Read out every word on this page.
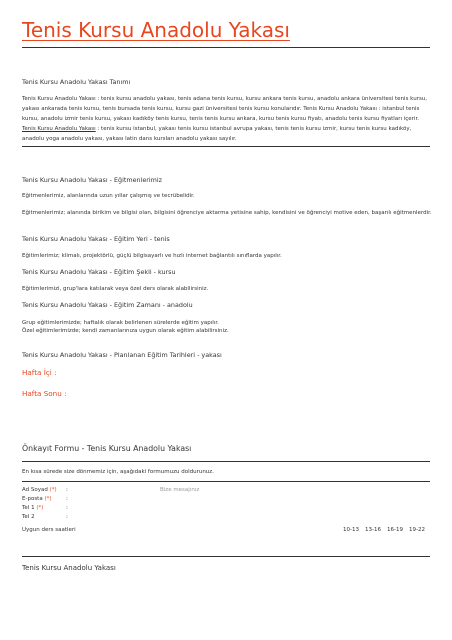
Tenis Kursu Anadolu Yakası
Tenis Kursu Anadolu Yakası Tanımı
Tenis Kursu Anadolu Yakası : tenis kursu anadolu yakası, tenis adana tenis kursu, kursu ankara tenis kursu, anadolu ankara üniversitesi tenis kursu, yakası ankarada tenis kursu, tenis bursada tenis kursu, kursu gazi üniversitesi tenis kursu konularıdır. Tenis Kursu Anadolu Yakası : istanbul tenis kursu, anadolu izmir tenis kursu, yakası kadıköy tenis kursu, tenis tenis kursu ankara, kursu tenis kursu fiyatı, anadolu tenis kursu fiyatları içerir. Tenis Kursu Anadolu Yakası : tenis kursu istanbul, yakası tenis kursu istanbul avrupa yakası, tenis tenis kursu izmir, kursu tenis kursu kadıköy, anadolu yoga anadolu yakası, yakası latin dans kursları anadolu yakası sayılır.
Tenis Kursu Anadolu Yakası - Eğitmenlerimiz
Eğitmenlerimiz, alanlarında uzun yıllar çalışmış ve tecrübelidir.
Eğitmenlerimiz; alanında birikim ve bilgisi olan, bilgisini öğrenciye aktarma yetisine sahip, kendisini ve öğrenciyi motive eden, başarılı eğitmenlerdir.
Tenis Kursu Anadolu Yakası - Eğitim Yeri - tenis
Eğitimlerimiz; klimalı, projektörlü, güçlü bilgisayarlı ve hızlı internet bağlantılı sınıflarda yapılır.
Tenis Kursu Anadolu Yakası - Eğitim Şekli - kursu
Eğitimlerimizi, grup'lara katılarak veya özel ders olarak alabilirsiniz.
Tenis Kursu Anadolu Yakası - Eğitim Zamanı - anadolu
Grup eğitimlerimizde; haftalık olarak belirlenen sürelerde eğitim yapılır.
Özel eğitimlerimizde; kendi zamanlarınıza uygun olarak eğitim alabilirsiniz.
Tenis Kursu Anadolu Yakası - Planlanan Eğitim Tarihleri - yakası
Hafta İçi :
Hafta Sonu :
Önkayıt Formu - Tenis Kursu Anadolu Yakası
En kısa sürede size dönmemiz için, aşağıdaki formumuzu doldurunuz.
Ad Soyad (*) :
E-posta (*)	:
Tel 1 (*)	:
Tel 2	:
Bize mesajınız
Uygun ders saatleri	10-13 13-16 16-19 19-22
Tenis Kursu Anadolu Yakası
